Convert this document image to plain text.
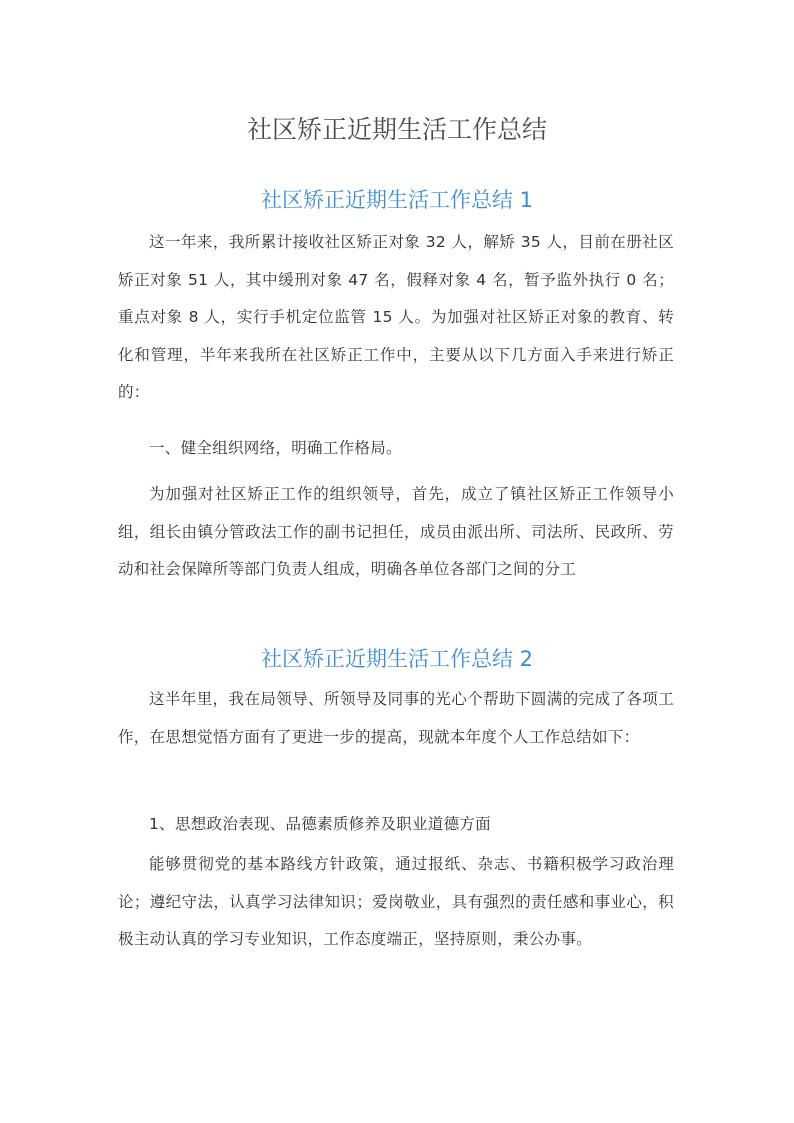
社区矫正近期生活工作总结
社区矫正近期生活工作总结 1

这一年来，我所累计接收社区矫正对象 32 人，解矫 35 人，目前在册社区矫正对象 51 人，其中缓刑对象 47 名，假释对象 4 名，暂予监外执行 0 名；重点对象 8 人，实行手机定位监管 15 人。为加强对社区矫正对象的教育、转化和管理，半年来我所在社区矫正工作中，主要从以下几方面入手来进行矫正的：

一、健全组织网络，明确工作格局。

为加强对社区矫正工作的组织领导，首先，成立了镇社区矫正工作领导小组，组长由镇分管政法工作的副书记担任，成员由派出所、司法所、民政所、劳动和社会保障所等部门负责人组成，明确各单位各部门之间的分工

社区矫正近期生活工作总结 2

这半年里，我在局领导、所领导及同事的光心个帮助下圆满的完成了各项工作，在思想觉悟方面有了更进一步的提高，现就本年度个人工作总结如下：

1、思想政治表现、品德素质修养及职业道德方面

能够贯彻党的基本路线方针政策，通过报纸、杂志、书籍积极学习政治理论；遵纪守法，认真学习法律知识；爱岗敬业，具有强烈的责任感和事业心，积极主动认真的学习专业知识，工作态度端正，坚持原则，秉公办事。
